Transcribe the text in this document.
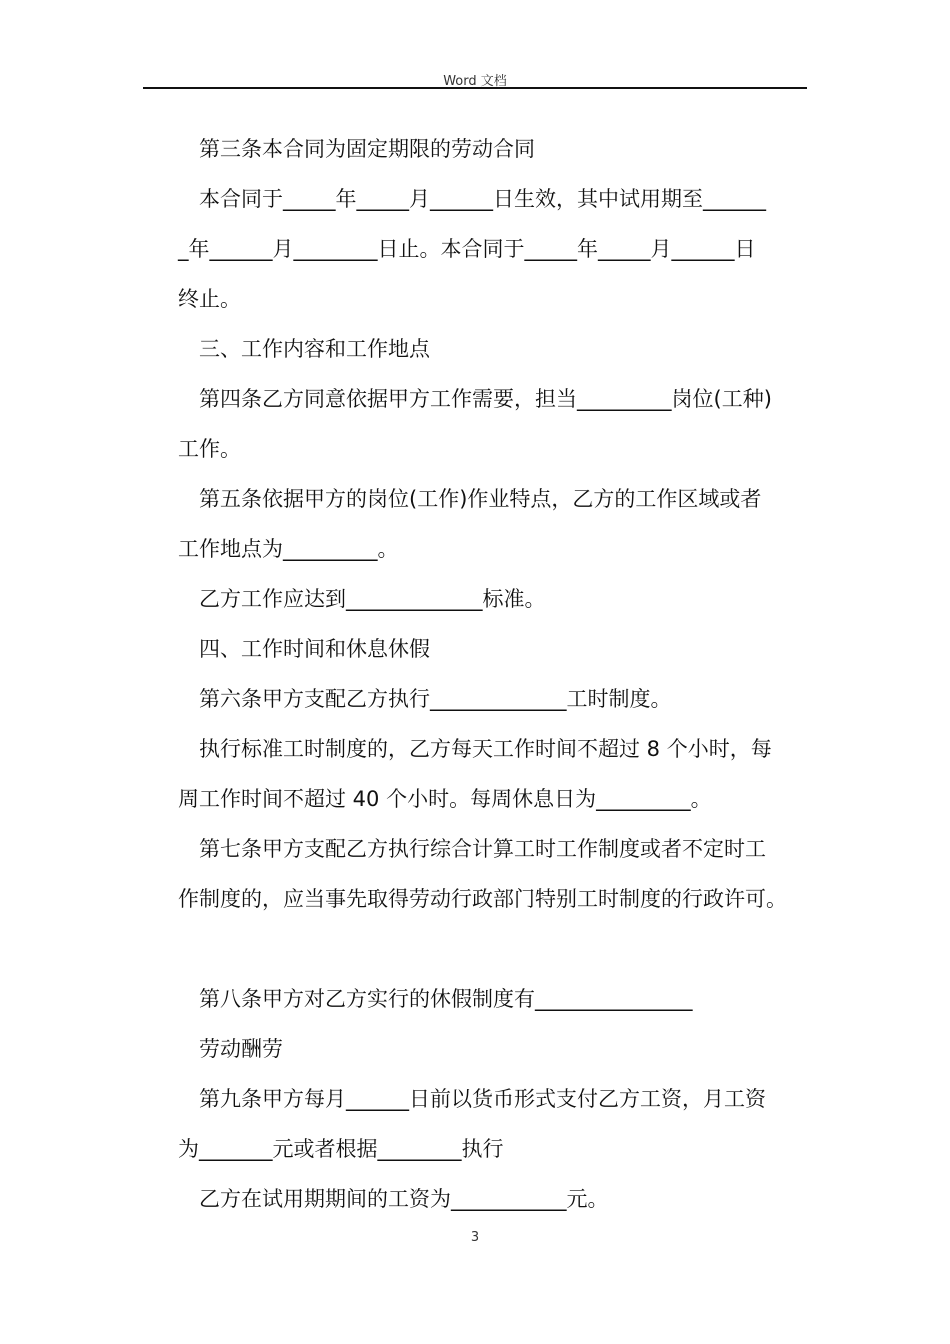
Word 文档
第三条本合同为固定期限的劳动合同
本合同于_____年_____月______日生效，其中试用期至______
_年______月________日止。本合同于_____年_____月______日
终止。
三、工作内容和工作地点
第四条乙方同意依据甲方工作需要，担当_________岗位(工种)
工作。
第五条依据甲方的岗位(工作)作业特点，乙方的工作区域或者
工作地点为_________。
乙方工作应达到_____________标准。
四、工作时间和休息休假
第六条甲方支配乙方执行_____________工时制度。
执行标准工时制度的，乙方每天工作时间不超过 8 个小时，每
周工作时间不超过 40 个小时。每周休息日为_________。
第七条甲方支配乙方执行综合计算工时工作制度或者不定时工
作制度的，应当事先取得劳动行政部门特别工时制度的行政许可。
第八条甲方对乙方实行的休假制度有_______________
劳动酬劳
第九条甲方每月______日前以货币形式支付乙方工资，月工资
为_______元或者根据________执行
乙方在试用期期间的工资为___________元。
3
